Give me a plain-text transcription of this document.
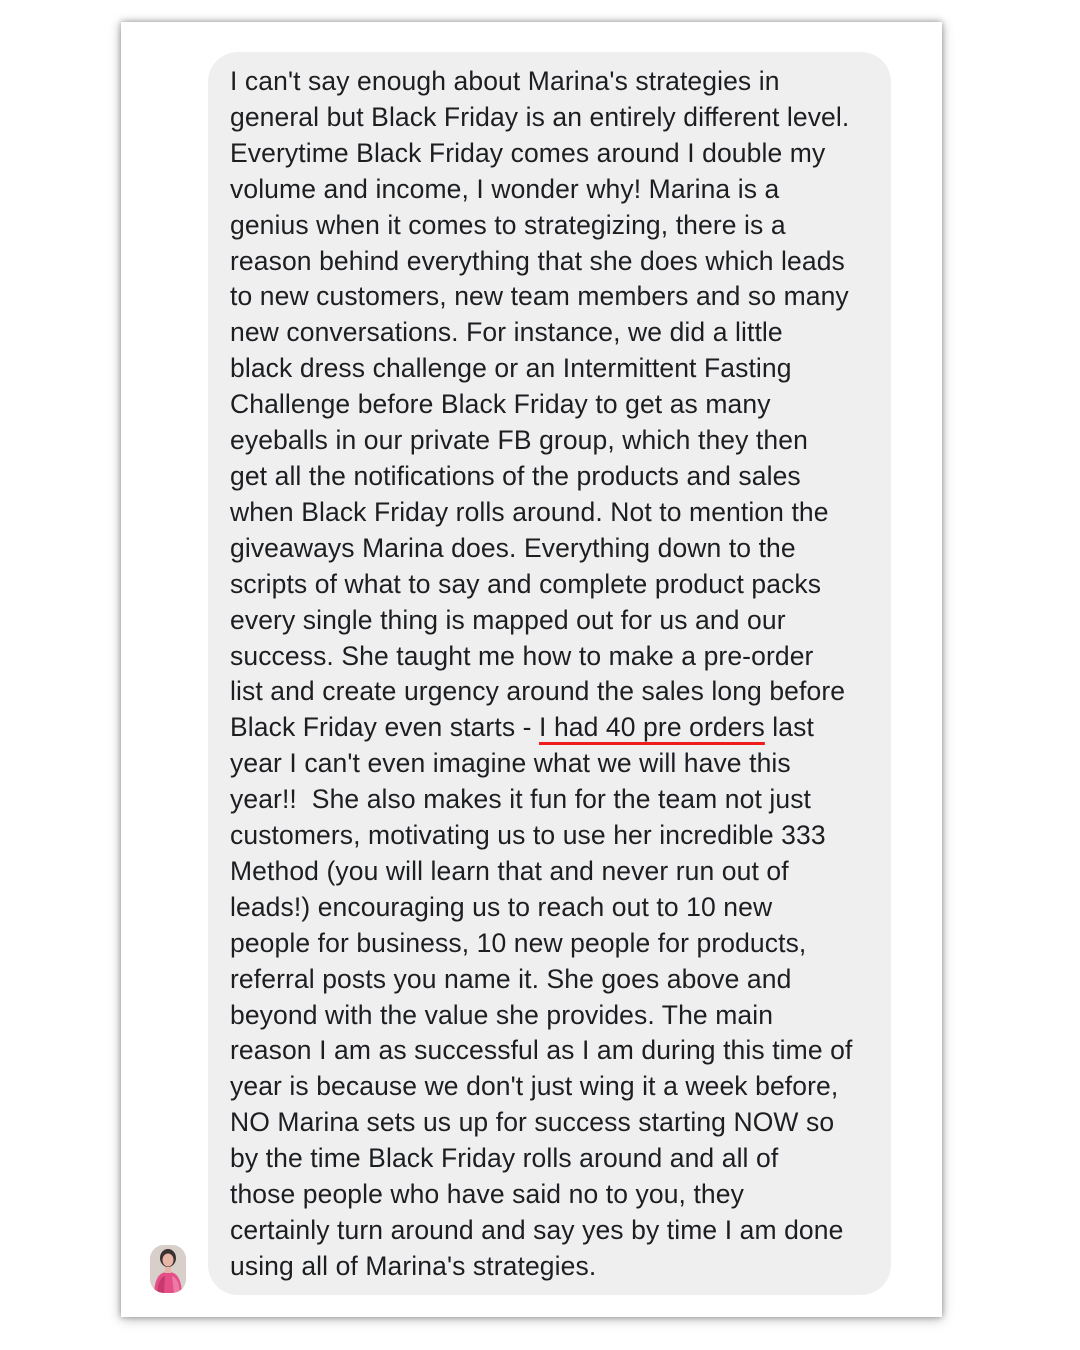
I can't say enough about Marina's strategies in
general but Black Friday is an entirely different level.
Everytime Black Friday comes around I double my
volume and income, I wonder why! Marina is a
genius when it comes to strategizing, there is a
reason behind everything that she does which leads
to new customers, new team members and so many
new conversations. For instance, we did a little
black dress challenge or an Intermittent Fasting
Challenge before Black Friday to get as many
eyeballs in our private FB group, which they then
get all the notifications of the products and sales
when Black Friday rolls around. Not to mention the
giveaways Marina does. Everything down to the
scripts of what to say and complete product packs
every single thing is mapped out for us and our
success. She taught me how to make a pre-order
list and create urgency around the sales long before
Black Friday even starts - I had 40 pre orders last
year I can't even imagine what we will have this
year!!  She also makes it fun for the team not just
customers, motivating us to use her incredible 333
Method (you will learn that and never run out of
leads!) encouraging us to reach out to 10 new
people for business, 10 new people for products,
referral posts you name it. She goes above and
beyond with the value she provides. The main
reason I am as successful as I am during this time of
year is because we don't just wing it a week before,
NO Marina sets us up for success starting NOW so
by the time Black Friday rolls around and all of
those people who have said no to you, they
certainly turn around and say yes by time I am done
using all of Marina's strategies.
